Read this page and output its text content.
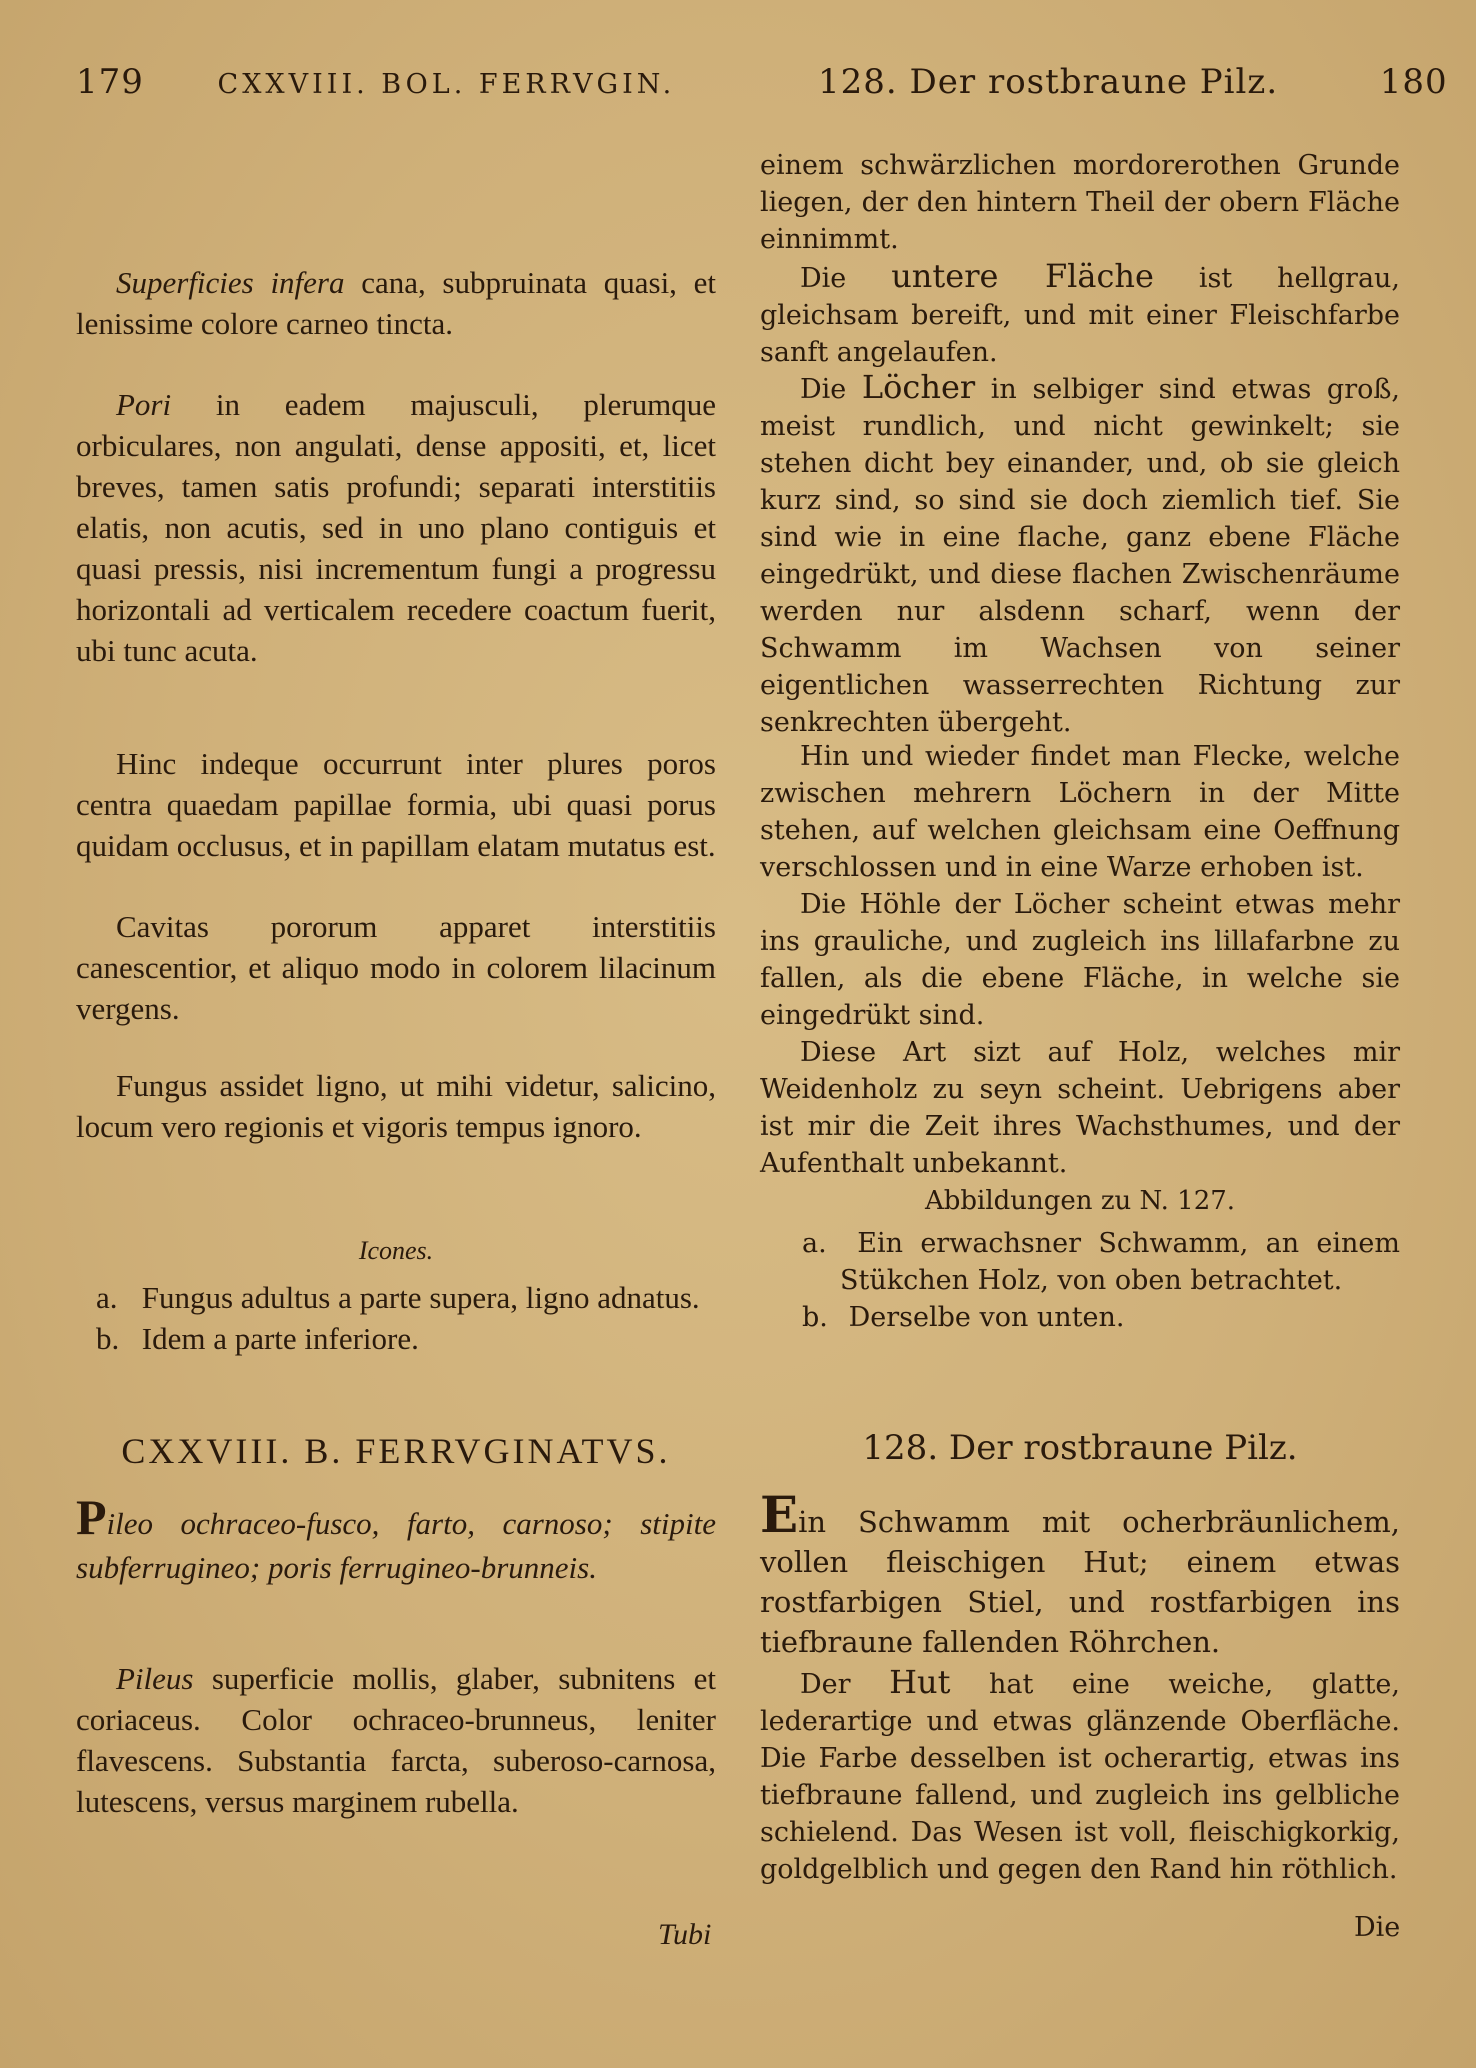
179	CXXVIII. BOL. FERRVGIN.	128. Der rostbraune Pilz.	180

Superficies infera cana, subpruinata quasi, et lenissime colore carneo tincta.

Pori in eadem majusculi, plerumque orbiculares, non angulati, dense appositi, et, licet breves, tamen satis profundi; separati interstitiis elatis, non acutis, sed in uno plano contiguis et quasi pressis, nisi incrementum fungi a progressu horizontali ad verticalem recedere coactum fuerit, ubi tunc acuta.

Hinc indeque occurrunt inter plures poros centra quaedam papillae formia, ubi quasi porus quidam occlusus, et in papillam elatam mutatus est.

Cavitas pororum apparet interstitiis canescentior, et aliquo modo in colorem lilacinum vergens.

Fungus assidet ligno, ut mihi videtur, salicino, locum vero regionis et vigoris tempus ignoro.

Icones.

a. Fungus adultus a parte supera, ligno adnatus.
b. Idem a parte inferiore.

CXXVIII. B. FERRVGINATVS.

Pileo ochraceo-fusco, farto, carnoso; stipite subferrugineo; poris ferrugineo-brunneis.

Pileus superficie mollis, glaber, subnitens et coriaceus. Color ochraceo-brunneus, leniter flavescens. Substantia farcta, suberoso-carnosa, lutescens, versus marginem rubella.

Tubi

einem schwärzlichen mordorerothen Grunde liegen, der den hintern Theil der obern Fläche einnimmt.

Die untere Fläche ist hellgrau, gleichsam bereift, und mit einer Fleischfarbe sanft angelaufen.

Die Löcher in selbiger sind etwas groß, meist rundlich, und nicht gewinkelt; sie stehen dicht bey einander, und, ob sie gleich kurz sind, so sind sie doch ziemlich tief. Sie sind wie in eine flache, ganz ebene Fläche eingedrükt, und diese flachen Zwischenräume werden nur alsdenn scharf, wenn der Schwamm im Wachsen von seiner eigentlichen wasserrechten Richtung zur senkrechten übergeht.

Hin und wieder findet man Flecke, welche zwischen mehrern Löchern in der Mitte stehen, auf welchen gleichsam eine Oeffnung verschlossen und in eine Warze erhoben ist.

Die Höhle der Löcher scheint etwas mehr ins grauliche, und zugleich ins lillafarbne zu fallen, als die ebene Fläche, in welche sie eingedrükt sind.

Diese Art sizt auf Holz, welches mir Weidenholz zu seyn scheint. Uebrigens aber ist mir die Zeit ihres Wachsthumes, und der Aufenthalt unbekannt.

Abbildungen zu N. 127.

a. Ein erwachsner Schwamm, an einem Stükchen Holz, von oben betrachtet.
b. Derselbe von unten.

128. Der rostbraune Pilz.

Ein Schwamm mit ocherbräunlichem, vollen fleischigen Hut; einem etwas rostfarbigen Stiel, und rostfarbigen ins tiefbraune fallenden Röhrchen.

Der Hut hat eine weiche, glatte, lederartige und etwas glänzende Oberfläche. Die Farbe desselben ist ocherartig, etwas ins tiefbraune fallend, und zugleich ins gelbliche schielend. Das Wesen ist voll, fleischigkorkig, goldgelblich und gegen den Rand hin röthlich.

Die
